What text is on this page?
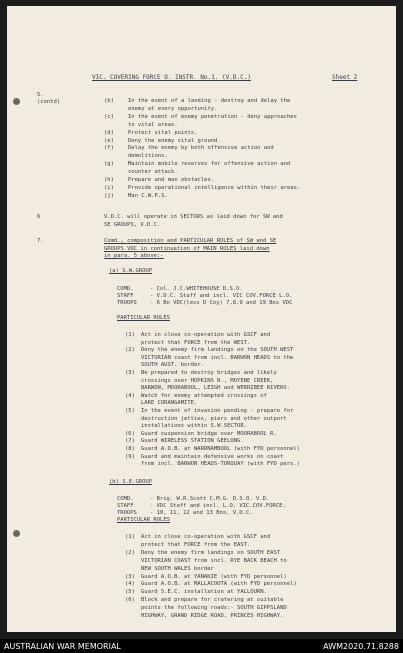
VIC. COVERING FORCE O. INSTR. No.1. (V.D.C.)	Sheet 2
5.
(contd)	(b)	In the event of a landing - destroy and delay the
enemy at every opportunity.
(c)	In the event of enemy penetration - deny approaches
to vital areas.
(d)	Protect vital points.
(e)	Deny the enemy vital ground.
(f)	Delay the enemy by both offensive action and
demolitions.
(g)	Maintain mobile reserves for offensive action and
counter attack.
(h)	Prepare and man obstacles.
(i)	Provide operational intelligence within their areas.
(j)	Man C.W.P.S.
6	V.D.C. will operate in SECTORS as laid down for SW and
SE GROUPS, V.D.C.
7.	Comd., composition and PARTICULAR ROLES of SW and SE
GROUPS VDC in continuation of MAIN ROLES laid down
in para. 5 above:-
(a) S.W.GROUP
COMD.	- Col. J.C.WHITEHOUSE D.S.O.
STAFF	- V.D.C. Staff and incl. VIC COV.FORCE L.O.
TROOPS - 6 Bn VDC(less D Coy) 7,8,9 and 19 Bns VDC
PARTICULAR ROLES
(1) Act in close co-operation with GSCF and
protect that FORCE from the WEST.
(2) Deny the enemy firm landings on the SOUTH WEST
VICTORIAN coast from incl. BARWON HEADS to the
SOUTH AUST. border.
(3) Be prepared to destroy bridges and likely
crossings over HOPKINS R., MOYENE CREEK,
BARWON, MOORABOOL, LEIGH and WERRIBEE RIVERS.
(4) Watch for enemy attempted crossings of
LAKE CORANGAMITE.
(5) In the event of invasion pending - prepare for
destruction jetties, piers and other outport
installations within S.W.SECTOR.
(6) Guard suspension bridge over MOORABOOL R.
(7) Guard WIRELESS STATION GEELONG.
(8) Guard A.O.B. at WARRNAMBOOL (with FYD personnel)
(9) Guard and maintain defensive works on coast
from incl. BARWON HEADS-TORQUAY (with FYD pers.)
(b) S.E.GROUP
COMD.	- Brig. W.R.Scott C.M.G. D.S.O. V.D.
STAFF	- VDC Staff and incl. L.O. VIC.COV.FORCE.
TROOPS - 10, 11, 12 and 13 Bns. V.D.C.
PARTICULAR ROLES
(1) Act in close co-operation with GSCF and
protect that FORCE from the EAST.
(2) Deny the enemy firm landings on SOUTH EAST
VICTORIAN COAST from incl. RYE BACK BEACH to
NEW SOUTH WALES border
(3) Guard A.O.B. at YANAKIE (with FYD personnel)
(4) Guard A.O.B. at MALLACOOTA (with FYD personnel)
(5) Guard S.E.C. installation at YALLOURN.
(6) Block and prepare for cratering at suitable
points the following roads:- SOUTH GIPPSLAND
HIGHWAY, GRAND RIDGE ROAD, PRINCES HIGHWAY.
AUSTRALIAN WAR MEMORIAL	AWM2020.71.8288
